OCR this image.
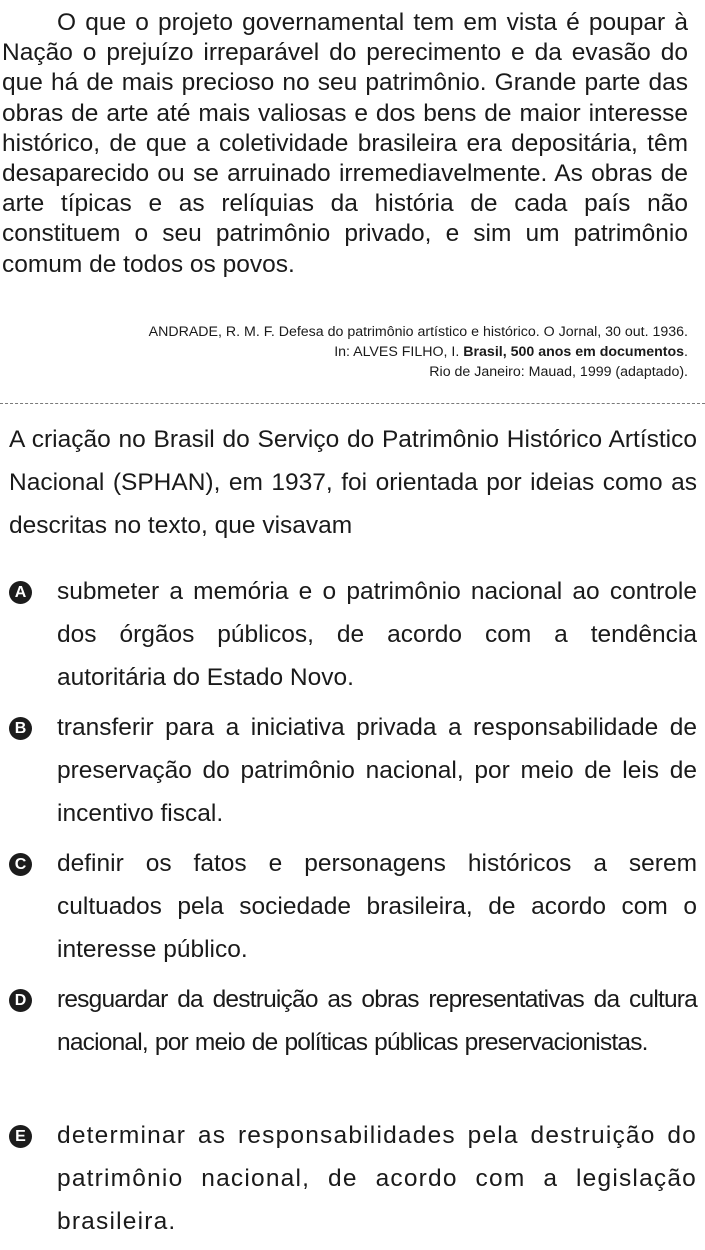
O que o projeto governamental tem em vista é poupar à Nação o prejuízo irreparável do perecimento e da evasão do que há de mais precioso no seu patrimônio. Grande parte das obras de arte até mais valiosas e dos bens de maior interesse histórico, de que a coletividade brasileira era depositária, têm desaparecido ou se arruinado irremediavelmente. As obras de arte típicas e as relíquias da história de cada país não constituem o seu patrimônio privado, e sim um patrimônio comum de todos os povos.

ANDRADE, R. M. F. Defesa do patrimônio artístico e histórico. O Jornal, 30 out. 1936.
In: ALVES FILHO, I. Brasil, 500 anos em documentos.
Rio de Janeiro: Mauad, 1999 (adaptado).

A criação no Brasil do Serviço do Patrimônio Histórico Artístico Nacional (SPHAN), em 1937, foi orientada por ideias como as descritas no texto, que visavam

A submeter a memória e o patrimônio nacional ao controle dos órgãos públicos, de acordo com a tendência autoritária do Estado Novo.

B transferir para a iniciativa privada a responsabilidade de preservação do patrimônio nacional, por meio de leis de incentivo fiscal.

C definir os fatos e personagens históricos a serem cultuados pela sociedade brasileira, de acordo com o interesse público.

D resguardar da destruição as obras representativas da cultura nacional, por meio de políticas públicas preservacionistas.

E determinar as responsabilidades pela destruição do patrimônio nacional, de acordo com a legislação brasileira.
